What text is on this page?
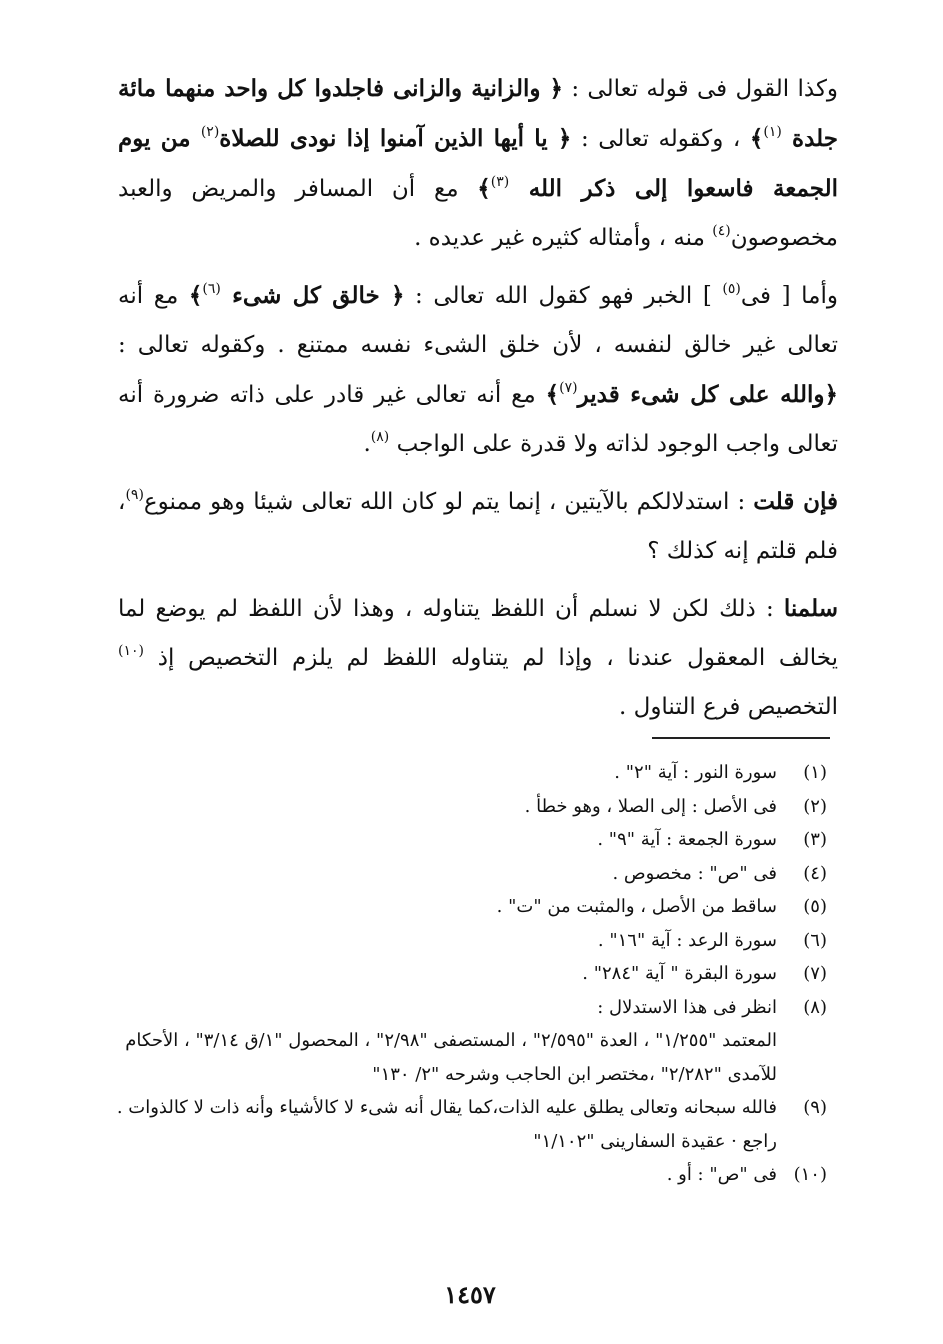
وكذا القول فى قوله تعالى : ﴿ والزانية والزانى فاجلدوا كل واحد منهما مائة جلدة $^{(١)}$﴾ ، وكقوله تعالى : ﴿ يا أيها الذين آمنوا إذا نودى للصلاة$^{(٢)}$ من يوم الجمعة فاسعوا إلى ذكر الله $^{(٣)}$﴾ مع أن المسافر والمريض والعبد مخصوصون$^{(٤)}$ منه ، وأمثاله كثيره غير عديده .

وأما [ فى$^{(٥)}$ ] الخبر فهو كقول الله تعالى : ﴿ خالق كل شىء $^{(٦)}$﴾ مع أنه تعالى غير خالق لنفسه ، لأن خلق الشىء نفسه ممتنع . وكقوله تعالى : ﴿والله على كل شىء قدير$^{(٧)}$﴾ مع أنه تعالى غير قادر على ذاته ضرورة أنه تعالى واجب الوجود لذاته ولا قدرة على الواجب $^{(٨)}$.

فإن قلت : استدلالكم بالآيتين ، إنما يتم لو كان الله تعالى شيئا وهو ممنوع$^{(٩)}$، فلم قلتم إنه كذلك ؟

سلمنا : ذلك لكن لا نسلم أن اللفظ يتناوله ، وهذا لأن اللفظ لم يوضع لما يخالف المعقول عندنا ، وإذا لم يتناوله اللفظ لم يلزم التخصيص إذ $^{(١٠)}$ التخصيص فرع التناول .

(١)
سورة النور : آية "٢" .
(٢)
فى الأصل : إلى الصلا ، وهو خطأ .
(٣)
سورة الجمعة : آية "٩" .
(٤)
فى "ص" : مخصوص .
(٥)
ساقط من الأصل ، والمثبت من "ت" .
(٦)
سورة الرعد : آية "١٦" .
(٧)
سورة البقرة " آية "٢٨٤" .
(٨)
انظر فى هذا الاستدلال :
المعتمد "١/٢٥٥" ، العدة "٢/٥٩٥" ، المستصفى "٢/٩٨" ، المحصول "١/ق ٣/١٤" ، الأحكام للآمدى "٢/٢٨٢" ،مختصر ابن الحاجب وشرحه "٢/ ١٣٠"
(٩)
فالله سبحانه وتعالى يطلق عليه الذات،كما يقال أنه شىء لا كالأشياء وأنه ذات لا كالذوات .
راجع · عقيدة السفارينى "١/١٠٢"
(١٠)
فى "ص" : أو .
١٤٥٧
